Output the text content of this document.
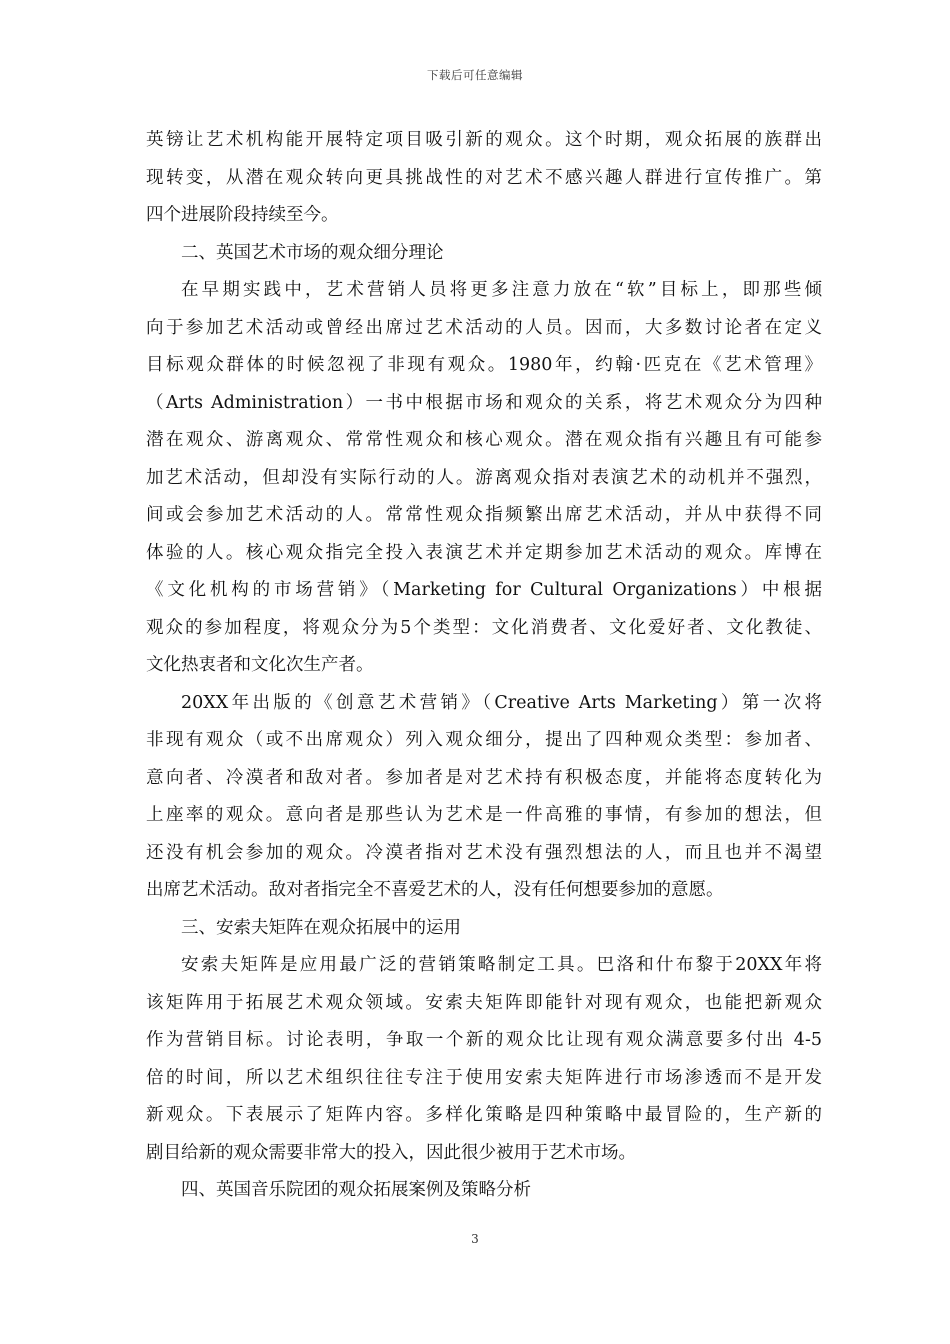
下载后可任意编辑
英镑让艺术机构能开展特定项目吸引新的观众。这个时期，观众拓展的族群出
现转变，从潜在观众转向更具挑战性的对艺术不感兴趣人群进行宣传推广。第
四个进展阶段持续至今。
二、英国艺术市场的观众细分理论
在早期实践中，艺术营销人员将更多注意力放在“软”目标上，即那些倾
向于参加艺术活动或曾经出席过艺术活动的人员。因而，大多数讨论者在定义
目标观众群体的时候忽视了非现有观众。1980年，约翰·匹克在《艺术管理》
（Arts Administration）一书中根据市场和观众的关系，将艺术观众分为四种
潜在观众、游离观众、常常性观众和核心观众。潜在观众指有兴趣且有可能参
加艺术活动，但却没有实际行动的人。游离观众指对表演艺术的动机并不强烈，
间或会参加艺术活动的人。常常性观众指频繁出席艺术活动，并从中获得不同
体验的人。核心观众指完全投入表演艺术并定期参加艺术活动的观众。库博在
《文化机构的市场营销》（Marketing for Cultural Organizations）中根据
观众的参加程度，将观众分为5个类型：文化消费者、文化爱好者、文化教徒、
文化热衷者和文化次生产者。
20XX年出版的《创意艺术营销》（Creative Arts Marketing）第一次将
非现有观众（或不出席观众）列入观众细分，提出了四种观众类型：参加者、
意向者、冷漠者和敌对者。参加者是对艺术持有积极态度，并能将态度转化为
上座率的观众。意向者是那些认为艺术是一件高雅的事情，有参加的想法，但
还没有机会参加的观众。冷漠者指对艺术没有强烈想法的人，而且也并不渴望
出席艺术活动。敌对者指完全不喜爱艺术的人，没有任何想要参加的意愿。
三、安索夫矩阵在观众拓展中的运用
安索夫矩阵是应用最广泛的营销策略制定工具。巴洛和什布黎于20XX年将
该矩阵用于拓展艺术观众领域。安索夫矩阵即能针对现有观众，也能把新观众
作为营销目标。讨论表明，争取一个新的观众比让现有观众满意要多付出 4-5
倍的时间，所以艺术组织往往专注于使用安索夫矩阵进行市场渗透而不是开发
新观众。下表展示了矩阵内容。多样化策略是四种策略中最冒险的，生产新的
剧目给新的观众需要非常大的投入，因此很少被用于艺术市场。
四、英国音乐院团的观众拓展案例及策略分析
3
